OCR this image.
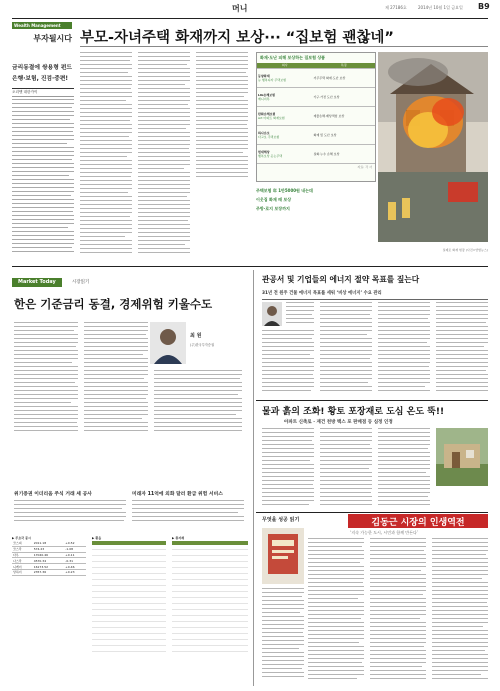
머니	제 27186호	2014년 10월 1일 금요일 B9
Wealth Management
부자될시다 부모-자녀주택 화재까지 보상··· “집보험 괜찮네”
금리동결에 쌍용형 펀드
은행·보험, 진검·중편!
오리엔 대한카이
주택보험 年 1만5000원 내는데
이웃집 화재 때 보상
주방·로지 보장까지
화재·도난 피해 보상하는 집보험 상품
회사	특징

동양화재
뉴 행복디자 주택보험	거주주택 화재·도난 보상

LIG손해보험
매니지특	가구·가전 도난 보상

한화손해보험
Art 아파트 화재보험	재물손해·배상책임 보상

하나손보
다고보 주택보험	화재 및 도난 보상

현대해상
행복보상 웃는주택	실화·누수 손해 보상
자료: 각 사
실제로 화재 현장 (사진=연합뉴스)
Market Today	시장읽기
한은 기준금리 동결, 경제위험 키울수도
최 원
(주)한국투자증권
위기증권 이더리움 주식 거래 셰 공사	미래자 11억에 외화 달러 환급 위험 서비스
▶ 주요국 증시
코스피	2011.18	+0.52
코스닥	574.23	-1.08
다우	17040.46	+0.11
나스닥	4570.34	-0.31
니케이	16173.52	+0.46
상하이	2357.36	+0.23
▶ 환율	▶ 원자재
관공서 및 기업들의 에너지 절약 목표를 짚는다
31년 전 원주 건물 에너지 목표를 세워 ‘비상 에너지’ 수요 관리
물과 흙의 조화! 황토 포장재로 도심 온도 뚝!!
아파트 신축로 · 재건 천방 백스 포 판매점 등 심정 인정
무엇을 성공 읽기	김동근 시장의 인생역전
‘지속 가능한 도시, 시민과 함께 만든다’
